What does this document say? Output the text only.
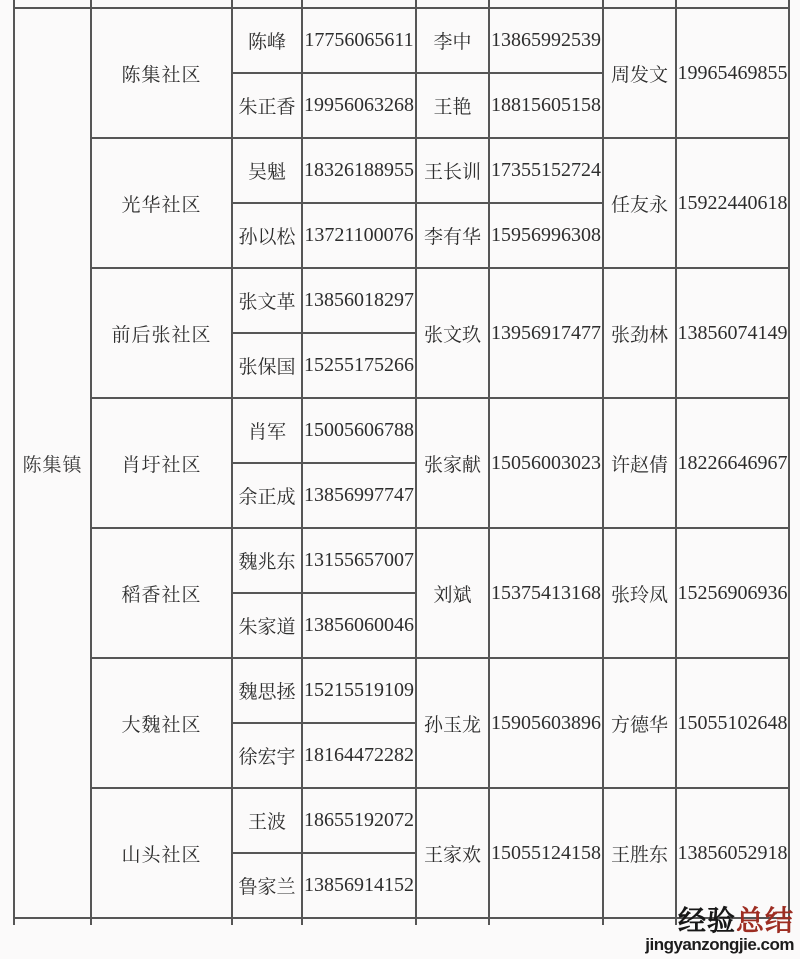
陈集镇	陈集社区	陈峰	17756065611	李中	13865992539	周发文	19965469855
		朱正香	19956063268	王艳	18815605158		
	光华社区	吴魁	18326188955	王长训	17355152724	任友永	15922440618
		孙以松	13721100076	李有华	15956996308		
	前后张社区	张文革	13856018297	张文玖	13956917477	张劲林	13856074149
		张保国	15255175266				
	肖圩社区	肖军	15005606788	张家献	15056003023	许赵倩	18226646967
		余正成	13856997747				
	稻香社区	魏兆东	13155657007	刘斌	15375413168	张玲凤	15256906936
		朱家道	13856060046				
	大魏社区	魏思拯	15215519109	孙玉龙	15905603896	方德华	15055102648
		徐宏宇	18164472282				
	山头社区	王波	18655192072	王家欢	15055124158	王胜东	13856052918
		鲁家兰	13856914152				

经验总结
jingyanzongjie.com
